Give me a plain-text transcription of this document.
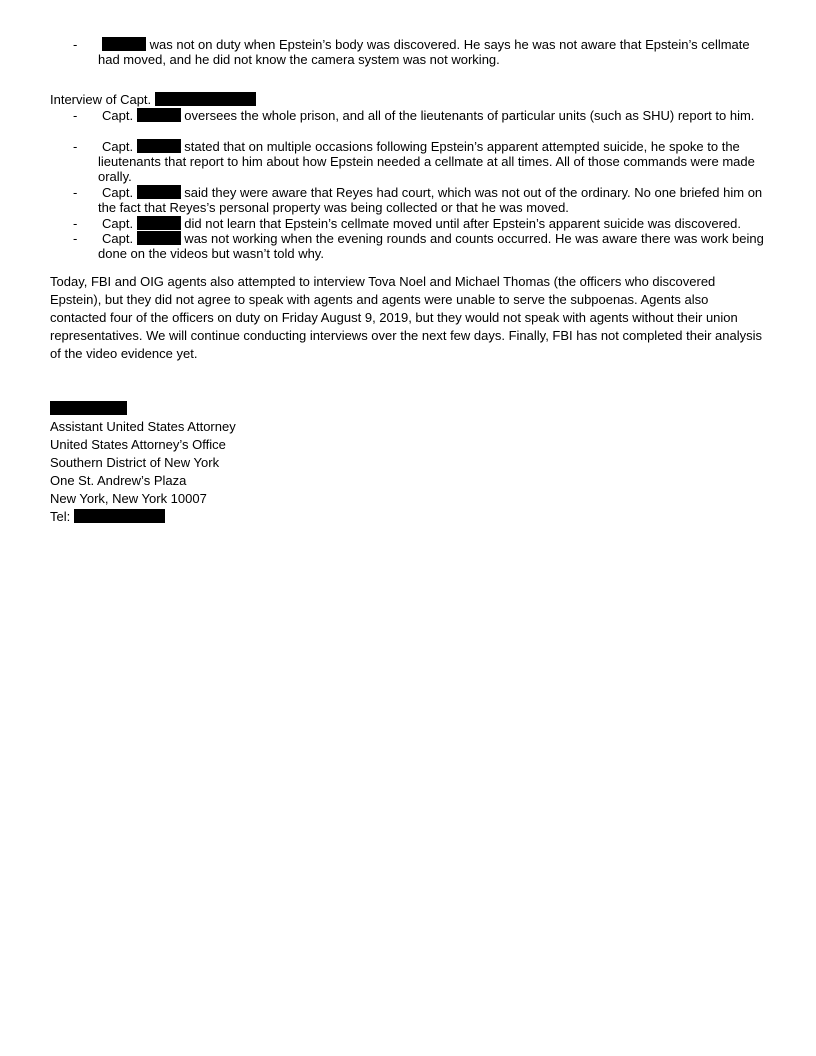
-	was not on duty when Epstein’s body was discovered. He says he was not aware that Epstein’s cellmate had moved, and he did not know the camera system was not working.
Interview of Capt.
-	Capt.	oversees the whole prison, and all of the lieutenants of particular units (such as SHU) report to him.
-	Capt.	stated that on multiple occasions following Epstein’s apparent attempted suicide, he spoke to the lieutenants that report to him about how Epstein needed a cellmate at all times. All of those commands were made orally.
-	Capt.	said they were aware that Reyes had court, which was not out of the ordinary. No one briefed him on the fact that Reyes’s personal property was being collected or that he was moved.
-	Capt.	did not learn that Epstein’s cellmate moved until after Epstein’s apparent suicide was discovered.
-	Capt.	was not working when the evening rounds and counts occurred. He was aware there was work being done on the videos but wasn’t told why.

Today, FBI and OIG agents also attempted to interview Tova Noel and Michael Thomas (the officers who discovered Epstein), but they did not agree to speak with agents and agents were unable to serve the subpoenas. Agents also contacted four of the officers on duty on Friday August 9, 2019, but they would not speak with agents without their union representatives. We will continue conducting interviews over the next few days. Finally, FBI has not completed their analysis of the video evidence yet.

Assistant United States Attorney
United States Attorney’s Office
Southern District of New York
One St. Andrew’s Plaza
New York, New York 10007
Tel:
